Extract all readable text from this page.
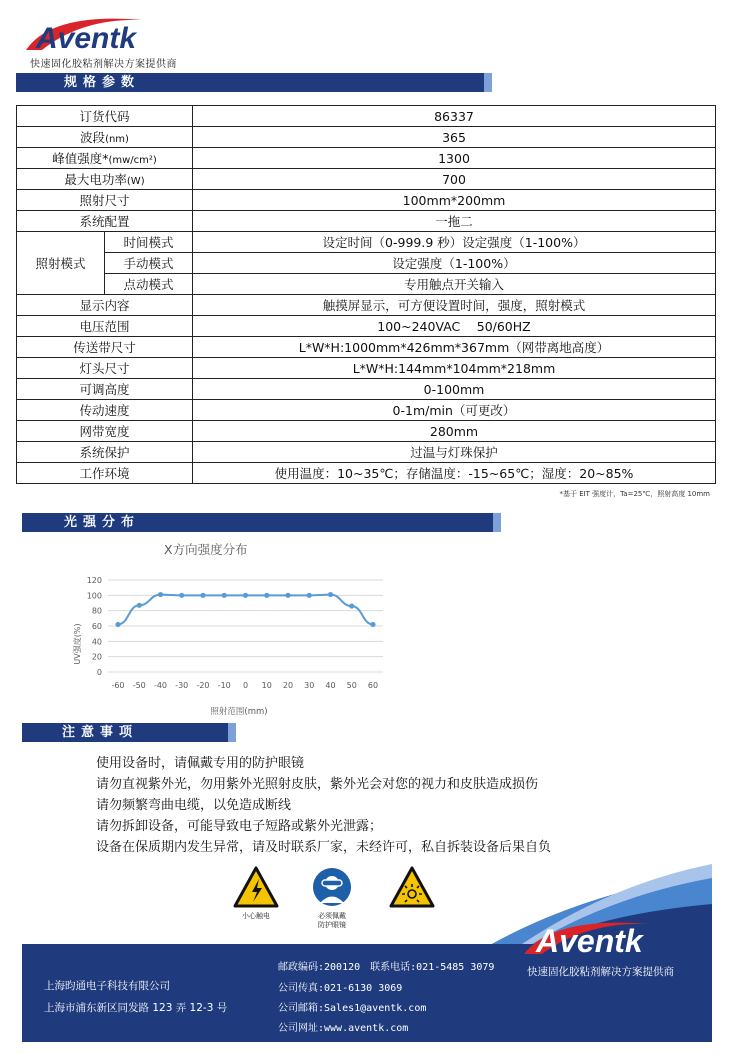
Aventk
快速固化胶粘剂解决方案提供商
规格参数
订货代码		86337
波段(nm)		365
峰值强度*(mw/cm²)		1300
最大电功率(W)		700
照射尺寸		100mm*200mm
系统配置		一拖二
照射模式	时间模式	设定时间（0-999.9 秒）设定强度（1-100%）
	手动模式	设定强度（1-100%）
	点动模式	专用触点开关输入
显示内容		触摸屏显示，可方便设置时间，强度，照射模式
电压范围		100~240VAC　 50/60HZ
传送带尺寸		L*W*H:1000mm*426mm*367mm（网带离地高度）
灯头尺寸		L*W*H:144mm*104mm*218mm
可调高度		0-100mm
传动速度		0-1m/min（可更改）
网带宽度		280mm
系统保护		过温与灯珠保护
工作环境		使用温度：10~35℃；存储温度：-15~65℃；湿度：20~85%
*基于 EIT 强度计，Ta=25℃，照射高度 10mm
光强分布
X方向强度分布
0
20
40
60
80
100
120
-60 -50 -40 -30 -20 -10 0 10 20 30 40 50 60
UV强度(%)
照射范围(mm)
注意事项
使用设备时，请佩戴专用的防护眼镜
请勿直视紫外光，勿用紫外光照射皮肤，紫外光会对您的视力和皮肤造成损伤
请勿频繁弯曲电缆，以免造成断线
请勿拆卸设备，可能导致电子短路或紫外光泄露；
设备在保质期内发生异常，请及时联系厂家，未经许可，私自拆装设备后果自负
小心触电	必须佩戴
防护眼镜	Aventk
快速固化胶粘剂解决方案提供商
上海昀通电子科技有限公司
上海市浦东新区同发路 123 弄 12-3 号
邮政编码:200120　联系电话:021-5485 3079
公司传真:021-6130 3069
公司邮箱:Sales1@aventk.com
公司网址:www.aventk.com
